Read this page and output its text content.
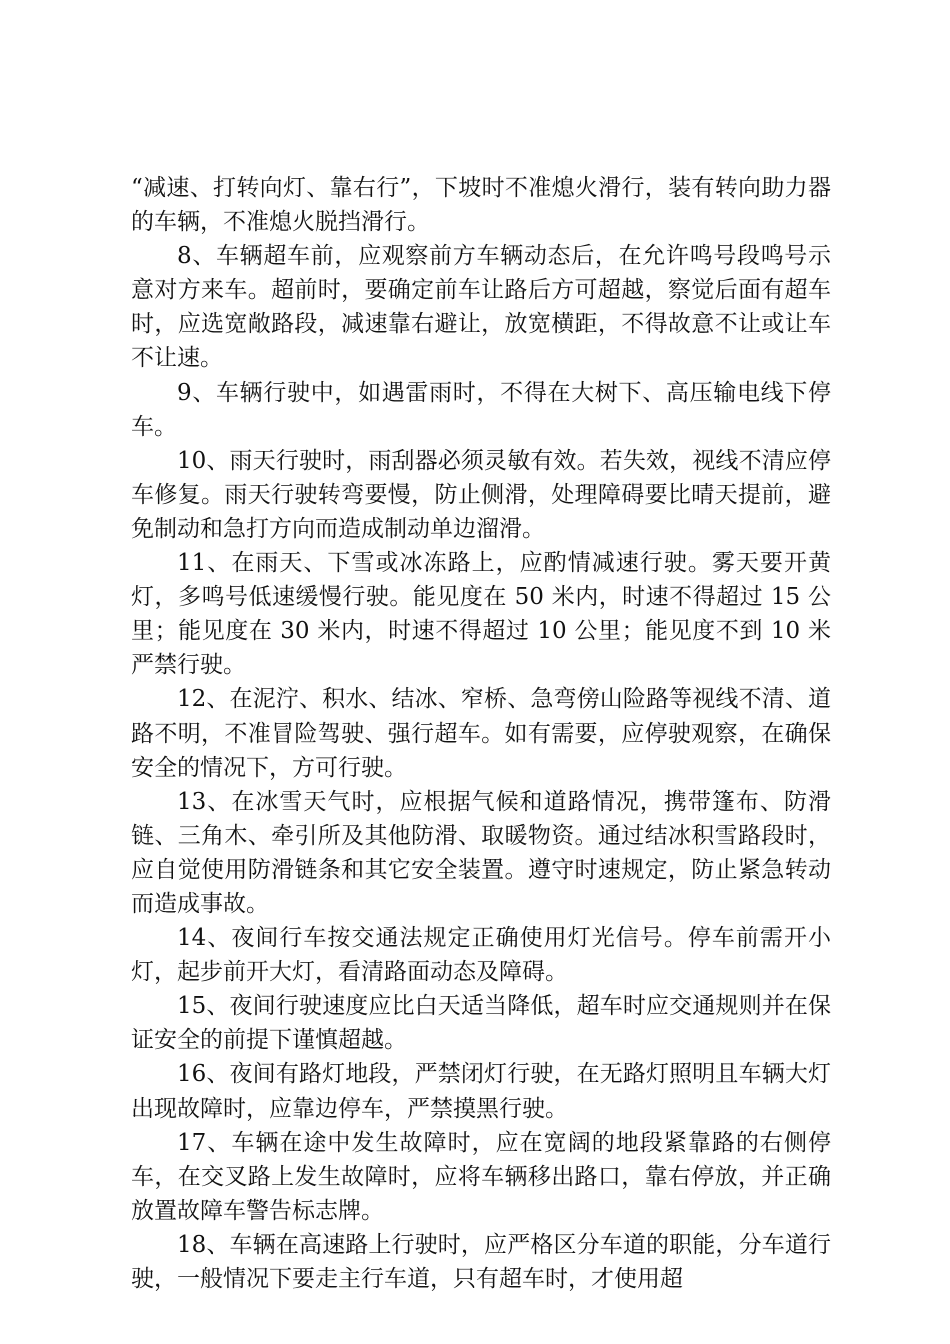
“减速、打转向灯、靠右行”，下坡时不准熄火滑行，装有转向助力器的车辆，不准熄火脱挡滑行。

8、车辆超车前，应观察前方车辆动态后，在允许鸣号段鸣号示意对方来车。超前时，要确定前车让路后方可超越，察觉后面有超车时，应选宽敞路段，减速靠右避让，放宽横距，不得故意不让或让车不让速。

9、车辆行驶中，如遇雷雨时，不得在大树下、高压输电线下停车。

10、雨天行驶时，雨刮器必须灵敏有效。若失效，视线不清应停车修复。雨天行驶转弯要慢，防止侧滑，处理障碍要比晴天提前，避免制动和急打方向而造成制动单边溜滑。

11、在雨天、下雪或冰冻路上，应酌情减速行驶。雾天要开黄灯，多鸣号低速缓慢行驶。能见度在 50 米内，时速不得超过 15 公里；能见度在 30 米内，时速不得超过 10 公里；能见度不到 10 米严禁行驶。

12、在泥泞、积水、结冰、窄桥、急弯傍山险路等视线不清、道路不明，不准冒险驾驶、强行超车。如有需要，应停驶观察，在确保安全的情况下，方可行驶。

13、在冰雪天气时，应根据气候和道路情况，携带篷布、防滑链、三角木、牵引所及其他防滑、取暖物资。通过结冰积雪路段时，应自觉使用防滑链条和其它安全装置。遵守时速规定，防止紧急转动而造成事故。

14、夜间行车按交通法规定正确使用灯光信号。停车前需开小灯，起步前开大灯，看清路面动态及障碍。

15、夜间行驶速度应比白天适当降低，超车时应交通规则并在保证安全的前提下谨慎超越。

16、夜间有路灯地段，严禁闭灯行驶，在无路灯照明且车辆大灯出现故障时，应靠边停车，严禁摸黑行驶。

17、车辆在途中发生故障时，应在宽阔的地段紧靠路的右侧停车，在交叉路上发生故障时，应将车辆移出路口，靠右停放，并正确放置故障车警告标志牌。

18、车辆在高速路上行驶时，应严格区分车道的职能，分车道行驶，一般情况下要走主行车道，只有超车时，才使用超
